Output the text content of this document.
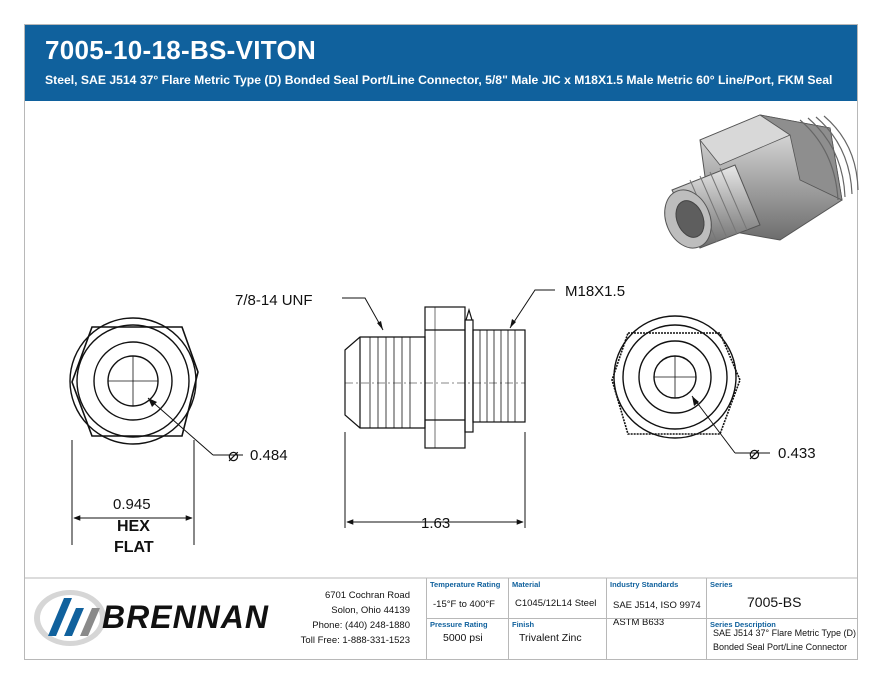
7005-10-18-BS-VITON
Steel, SAE J514 37° Flare Metric Type (D) Bonded Seal Port/Line Connector, 5/8" Male JIC x M18X1.5 Male Metric 60° Line/Port, FKM Seal
7/8-14 UNF
M18X1.5
⌀ 0.484	⌀ 0.433
0.945
HEX
FLAT
1.63
BRENNAN
6701 Cochran Road
Solon, Ohio 44139
Phone: (440) 248-1880
Toll Free: 1-888-331-1523
Temperature Rating
-15°F to 400°F
Pressure Rating
5000 psi
Material
C1045/12L14 Steel
Finish
Trivalent Zinc
Industry Standards
SAE J514, ISO 9974
ASTM B633
Series
7005-BS
Series Description
SAE J514 37° Flare Metric Type (D)
Bonded Seal Port/Line Connector
